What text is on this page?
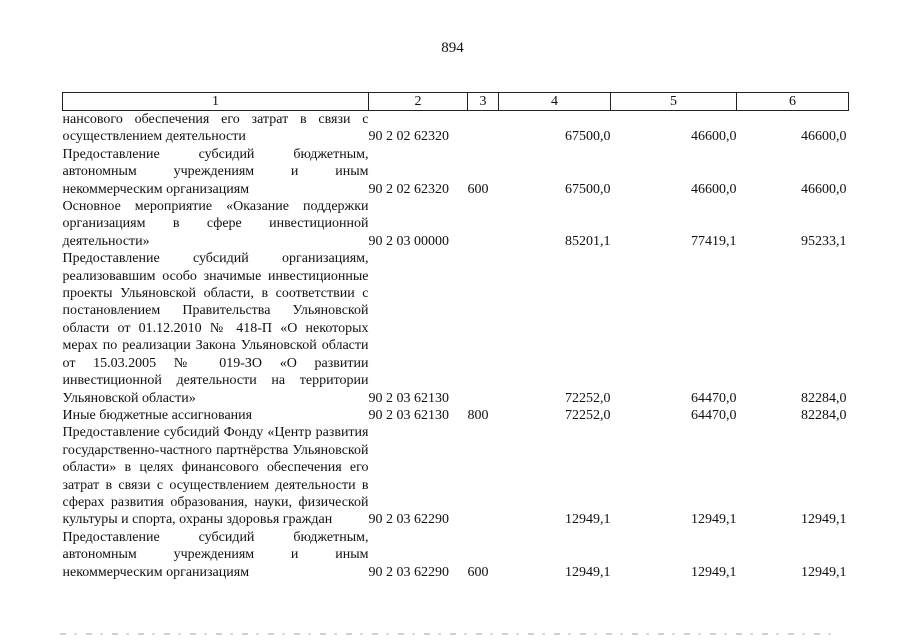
894
1	2	3	4	5	6
нансового обеспечения его затрат в связи с осуществлением деятельности	90 2 02 62320		67500,0	46600,0	46600,0
Предоставление субсидий бюджетным, автономным учреждениям и иным некоммерческим организациям	90 2 02 62320	600	67500,0	46600,0	46600,0
Основное мероприятие «Оказание поддержки организациям в сфере инвестиционной деятельности»	90 2 03 00000		85201,1	77419,1	95233,1
Предоставление субсидий организациям, реализовавшим особо значимые инвестиционные проекты Ульяновской области, в соответствии с постановлением Правительства Ульяновской области от 01.12.2010 № 418-П «О некоторых мерах по реализации Закона Ульяновской области от 15.03.2005 № 019-ЗО «О развитии инвестиционной деятельности на территории Ульяновской области»	90 2 03 62130		72252,0	64470,0	82284,0
Иные бюджетные ассигнования	90 2 03 62130	800	72252,0	64470,0	82284,0
Предоставление субсидий Фонду «Центр развития государственно-частного партнёрства Ульяновской области» в целях финансового обеспечения его затрат в связи с осуществлением деятельности в сферах развития образования, науки, физической культуры и спорта, охраны здоровья граждан	90 2 03 62290		12949,1	12949,1	12949,1
Предоставление субсидий бюджетным, автономным учреждениям и иным некоммерческим организациям	90 2 03 62290	600	12949,1	12949,1	12949,1
